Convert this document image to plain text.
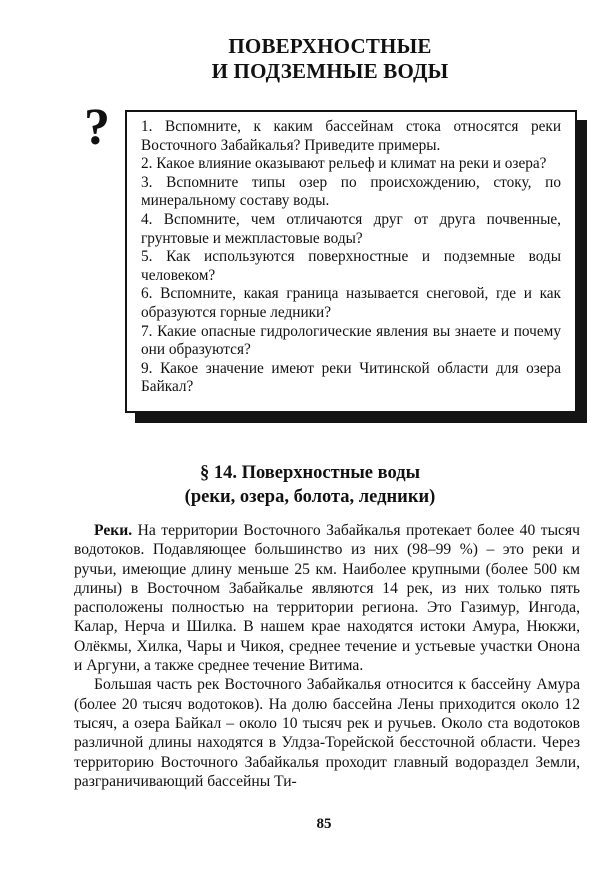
ПОВЕРХНОСТНЫЕ
И ПОДЗЕМНЫЕ ВОДЫ
? 1. Вспомните, к каким бассейнам стока относятся реки Восточного Забайкалья? Приведите примеры.

2. Какое влияние оказывают рельеф и климат на реки и озера?

3. Вспомните типы озер по происхождению, стоку, по минеральному составу воды.

4. Вспомните, чем отличаются друг от друга почвенные, грунтовые и межпластовые воды?

5. Как используются поверхностные и подземные воды человеком?

6. Вспомните, какая граница называется снеговой, где и как образуются горные ледники?

7. Какие опасные гидрологические явления вы знаете и почему они образуются?

9. Какое значение имеют реки Читинской области для озера Байкал?

§ 14. Поверхностные воды
(реки, озера, болота, ледники)

Реки. На территории Восточного Забайкалья протекает более 40 тысяч водотоков. Подавляющее большинство из них (98–99 %) – это реки и ручьи, имеющие длину меньше 25 км. Наиболее крупными (более 500 км длины) в Восточном Забайкалье являются 14 рек, из них только пять расположены полностью на территории региона. Это Газимур, Ингода, Калар, Нерча и Шилка. В нашем крае находятся истоки Амура, Нюкжи, Олёкмы, Хилка, Чары и Чикоя, среднее течение и устьевые участки Онона и Аргуни, а также среднее течение Витима.

Большая часть рек Восточного Забайкалья относится к бассейну Амура (более 20 тысяч водотоков). На долю бассейна Лены приходится около 12 тысяч, а озера Байкал – около 10 тысяч рек и ручьев. Около ста водотоков различной длины находятся в Улдза-Торейской бессточной области. Через территорию Восточного Забайкалья проходит главный водораздел Земли, разграничивающий бассейны Ти-

85
